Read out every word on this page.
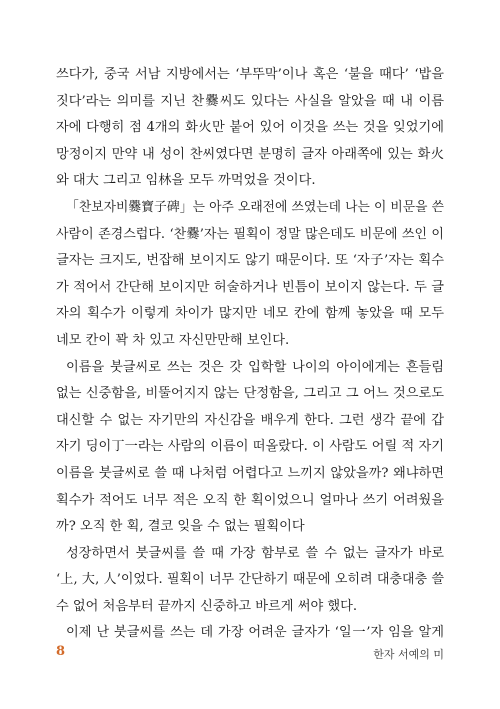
쓰다가, 중국 서남 지방에서는 ‘부뚜막’이나 혹은 ‘불을 때다’ ‘밥을
짓다’라는 의미를 지닌 찬爨씨도 있다는 사실을 알았을 때 내 이름
자에 다행히 점 4개의 화火만 붙어 있어 이것을 쓰는 것을 잊었기에
망정이지 만약 내 성이 찬씨였다면 분명히 글자 아래쪽에 있는 화火
와 대大 그리고 임林을 모두 까먹었을 것이다.
「찬보자비爨寶子碑」는 아주 오래전에 쓰였는데 나는 이 비문을 쓴
사람이 존경스럽다. ‘찬爨’자는 필획이 정말 많은데도 비문에 쓰인 이
글자는 크지도, 번잡해 보이지도 않기 때문이다. 또 ‘자子’자는 획수
가 적어서 간단해 보이지만 허술하거나 빈틈이 보이지 않는다. 두 글
자의 획수가 이렇게 차이가 많지만 네모 칸에 함께 놓았을 때 모두
네모 칸이 꽉 차 있고 자신만만해 보인다.
이름을 붓글씨로 쓰는 것은 갓 입학할 나이의 아이에게는 흔들림
없는 신중함을, 비뚤어지지 않는 단정함을, 그리고 그 어느 것으로도
대신할 수 없는 자기만의 자신감을 배우게 한다. 그런 생각 끝에 갑
자기 딩이丁一라는 사람의 이름이 떠올랐다. 이 사람도 어릴 적 자기
이름을 붓글씨로 쓸 때 나처럼 어렵다고 느끼지 않았을까? 왜냐하면
획수가 적어도 너무 적은 오직 한 획이었으니 얼마나 쓰기 어려웠을
까? 오직 한 획, 결코 잊을 수 없는 필획이다
성장하면서 붓글씨를 쓸 때 가장 함부로 쓸 수 없는 글자가 바로
‘上, 大, 人’이었다. 필획이 너무 간단하기 때문에 오히려 대충대충 쓸
수 없어 처음부터 끝까지 신중하고 바르게 써야 했다.
이제 난 붓글씨를 쓰는 데 가장 어려운 글자가 ‘일一’자 임을 알게
8	한자 서예의 미
